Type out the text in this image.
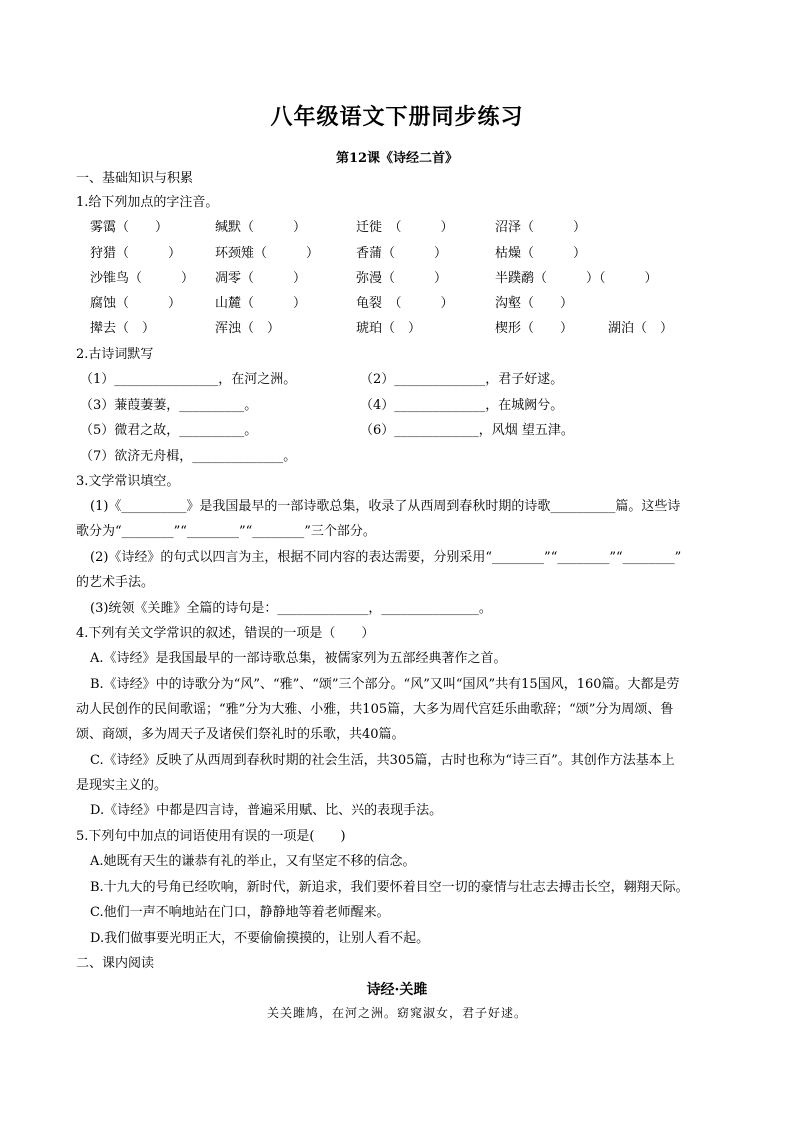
八年级语文下册同步练习
第12课《诗经二首》
一、基础知识与积累
1.给下列加点的字注音。
雾霭（　　）	缄默（　　　）	迁徙　（　　　）	沼泽（　　　）
狩猎（　　　）	环颈雉（　　　）	香蒲（　　　）	枯燥（　　　）
沙锥鸟（　　　） 凋零（　　　）	弥漫（　　　）	半蹼鹬（　　　）（　　　）
腐蚀（　　　）	山麓（　　　）	龟裂　（　　　）	沟壑（　　）
撵去（　）	浑浊（　）	琥珀（　）	楔形（　　）	湖泊（　）
2.古诗词默写
（1）________________，在河之洲。	（2）______________，君子好逑。
（3）蒹葭萋萋，__________。	（4）______________，在城阙兮。
（5）微君之故，__________。	（6）_____________，风烟 望五津。
（7）欲济无舟楫，______________。
3.文学常识填空。
(1)《__________》是我国最早的一部诗歌总集，收录了从西周到春秋时期的诗歌__________篇。这些诗
歌分为“________”“________”“________”三个部分。
(2)《诗经》的句式以四言为主，根据不同内容的表达需要，分别采用“________”“________”“________”
的艺术手法。
(3)统领《关雎》全篇的诗句是：______________，_______________。
4.下列有关文学常识的叙述，错误的一项是（　　）
A.《诗经》是我国最早的一部诗歌总集，被儒家列为五部经典著作之首。
B.《诗经》中的诗歌分为“风”、“雅”、“颂”三个部分。“风”又叫“国风”共有15国风，160篇。大都是劳
动人民创作的民间歌谣；“雅”分为大雅、小雅，共105篇，大多为周代宫廷乐曲歌辞；“颂”分为周颂、鲁
颂、商颂，多为周天子及诸侯们祭礼时的乐歌，共40篇。
C.《诗经》反映了从西周到春秋时期的社会生活，共305篇，古时也称为“诗三百”。其创作方法基本上
是现实主义的。
D.《诗经》中都是四言诗，普遍采用赋、比、兴的表现手法。
5.下列句中加点的词语使用有误的一项是(　　)
A.她既有天生的谦恭有礼的举止，又有坚定不移的信念。
B.十九大的号角已经吹响，新时代，新追求，我们要怀着目空一切的豪情与壮志去搏击长空，翱翔天际。
C.他们一声不响地站在门口，静静地等着老师醒来。
D.我们做事要光明正大，不要偷偷摸摸的，让别人看不起。
二、课内阅读
诗经·关雎
关关雎鸠，在河之洲。窈窕淑女，君子好逑。
